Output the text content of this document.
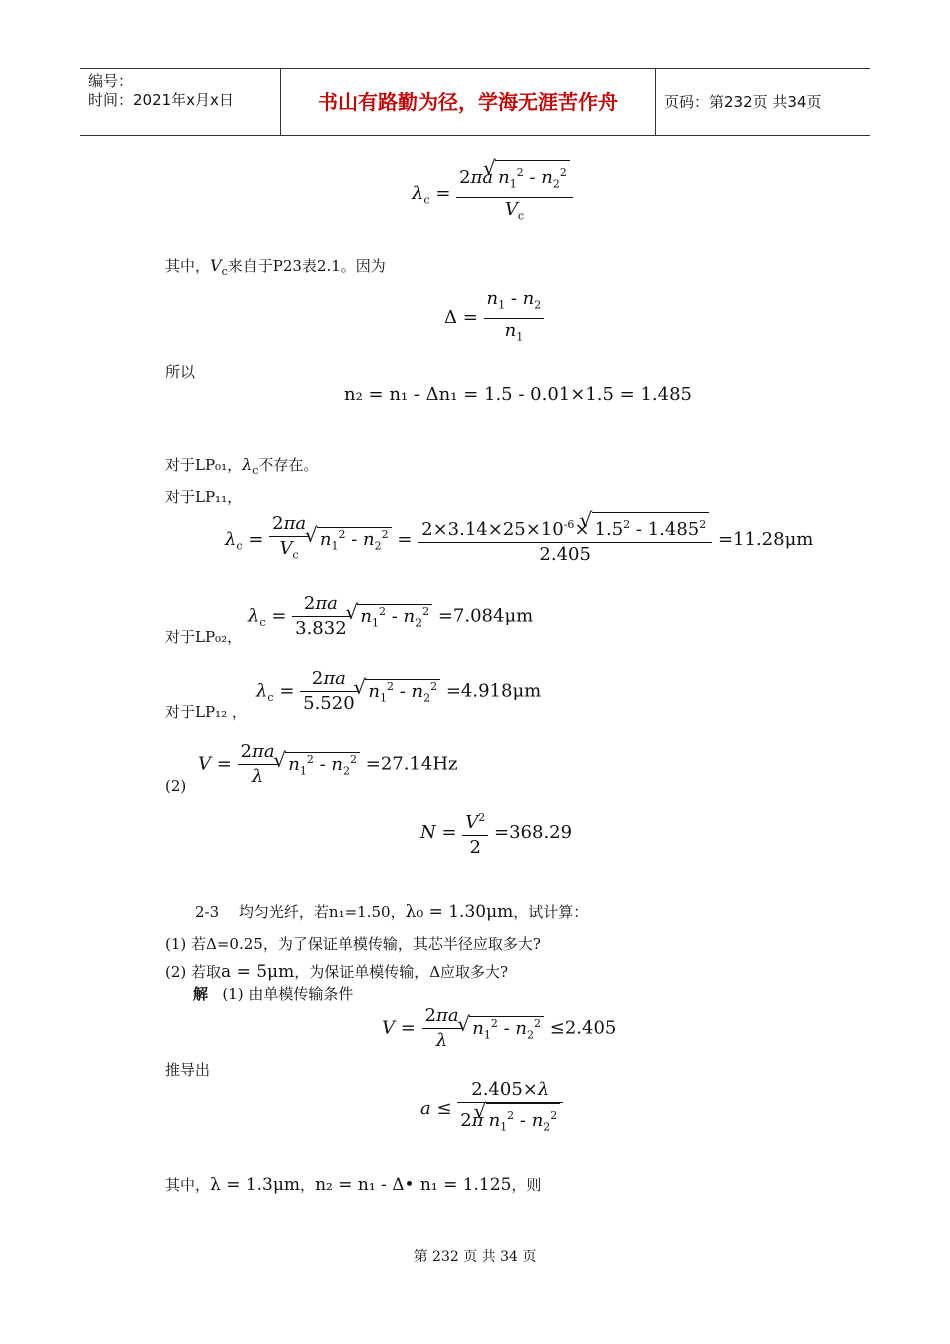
编号：
时间：2021年x月x日	书山有路勤为径，学海无涯苦作舟	页码：第232页 共34页
$\lambda_c = \frac{2\pi a √ n_1^2 - n_2^2}{V_c}$
其中，$V_c$来自于P23表2.1。因为
$\Delta = \frac{n_1 - n_2}{n_1}$
所以
n₂ = n₁ - Δn₁ = 1.5 - 0.01×1.5 = 1.485
对于LP₀₁，$\lambda_c$不存在。
对于LP₁₁，
$\lambda_c = \frac{2\pi a}{V_c}$ √ $n_1^2 - n_2^2 = \frac{2\times 3.14\times 25\times 10^{-6}\times √ 1.5^2 - 1.485^2}{2.405} =11.28\mu m$
$\lambda_c = \frac{2\pi a}{3.832}$ √ $n_1^2 - n_2^2 =7.084\mu m$
对于LP₀₂，
$\lambda_c = \frac{2\pi a}{5.520}$ √ $n_1^2 - n_2^2 =4.918\mu m$
对于LP₁₂ ，
$V = \frac{2\pi a}{\lambda}$ √ $n_1^2 - n_2^2 =27.14Hz$
(2)
$N = \frac{V^2}{2} =368.29$
2-3　 均匀光纤，若n₁=1.50，λ₀ = 1.30μm，试计算：
(1) 若Δ=0.25，为了保证单模传输，其芯半径应取多大?
(2) 若取a = 5μm，为保证单模传输，Δ应取多大?
解 (1) 由单模传输条件
$V = \frac{2\pi a}{\lambda}$ √ $n_1^2 - n_2^2 \le 2.405$
推导出
$a \le \frac{2.405\times\lambda}{2\pi √ n_1^2 - n_2^2}$
其中，λ = 1.3μm，n₂ = n₁ - Δ• n₁ = 1.125，则
第 232 页 共 34 页
